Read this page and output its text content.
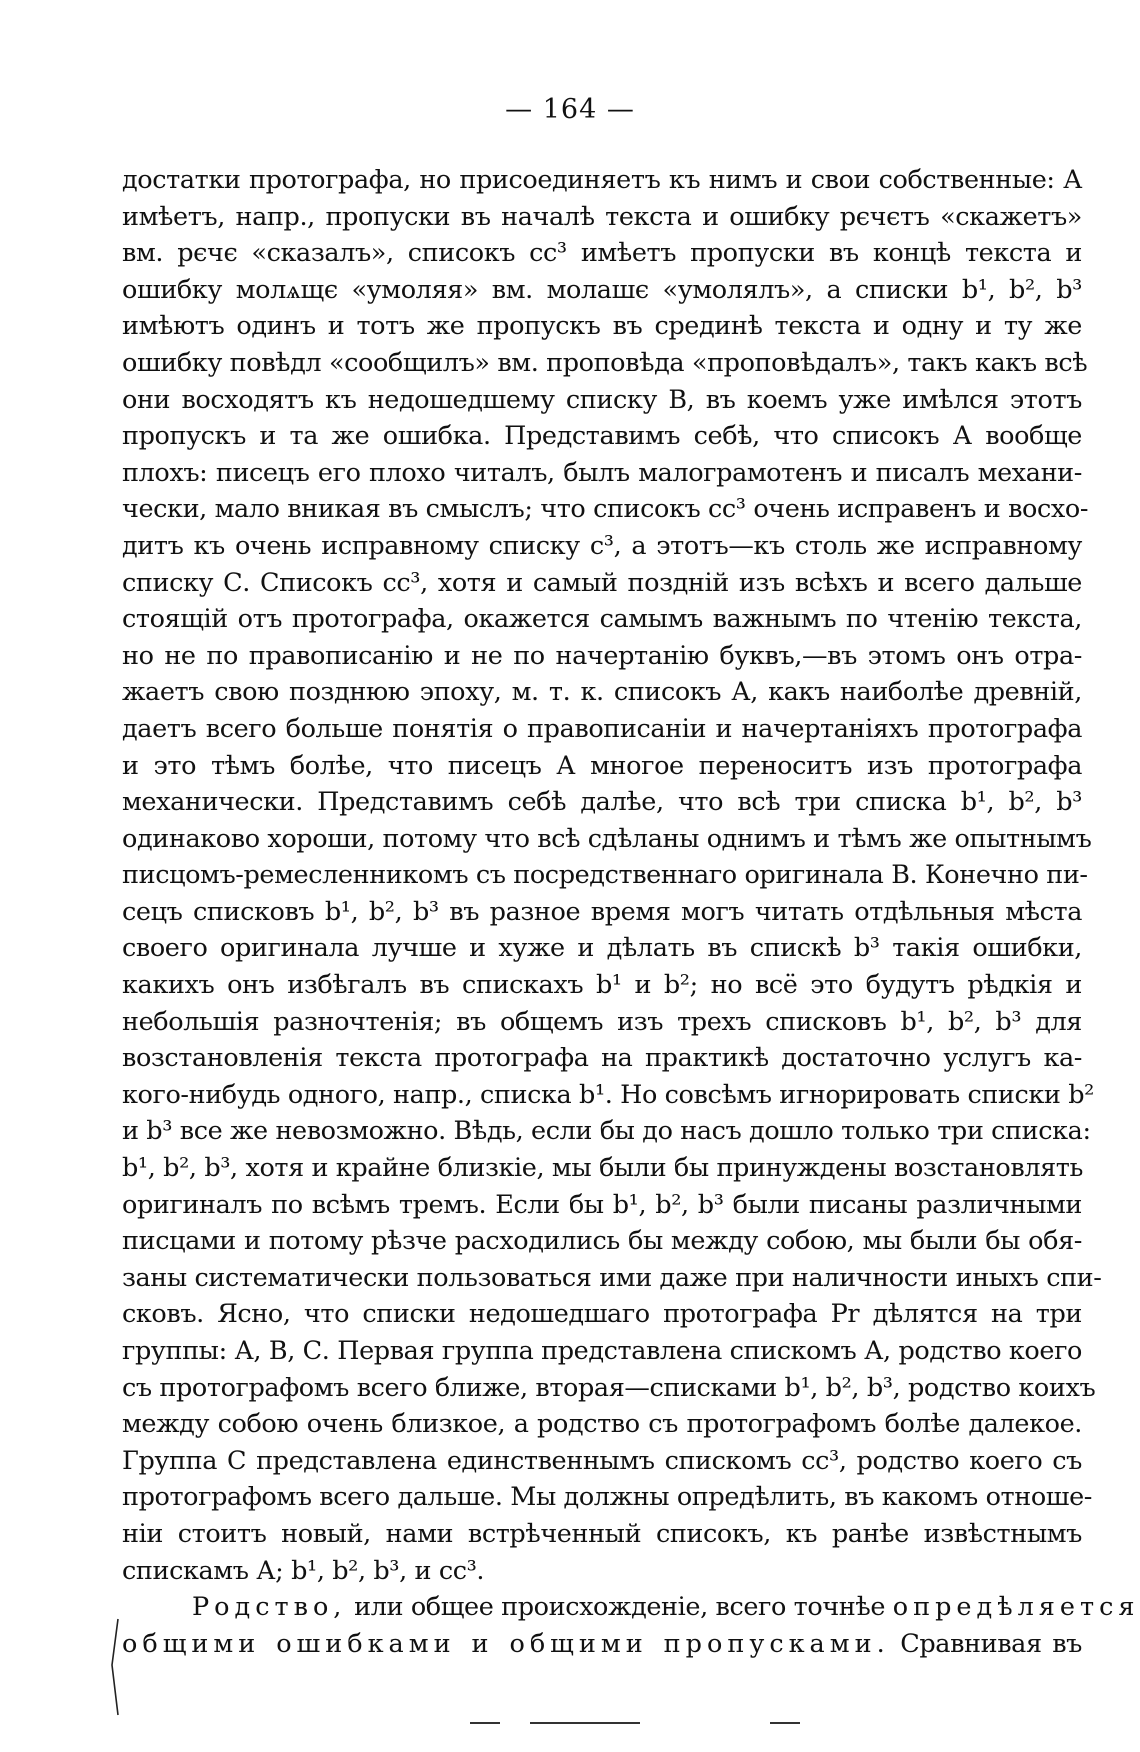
— 164 —
достатки протографа, но присоединяетъ къ нимъ и свои собственные: А
имѣетъ, напр., пропуски въ началѣ текста и ошибку рєчєтъ «скажетъ»
вм. рєчє «сказалъ», списокъ сс³ имѣетъ пропуски въ концѣ текста и
ошибку молѧщє «умоляя» вм. молашє «умолялъ», а списки b¹, b², b³
имѣютъ одинъ и тотъ же пропускъ въ срединѣ текста и одну и ту же
ошибку повѣдл «сообщилъ» вм. проповѣда «проповѣдалъ», такъ какъ всѣ
они восходятъ къ недошедшему списку В, въ коемъ уже имѣлся этотъ
пропускъ и та же ошибка. Представимъ себѣ, что списокъ А вообще
плохъ: писецъ его плохо читалъ, былъ малограмотенъ и писалъ механи-
чески, мало вникая въ смыслъ; что списокъ сс³ очень исправенъ и восхо-
дитъ къ очень исправному списку с³, а этотъ—къ столь же исправному
списку С. Списокъ сс³, хотя и самый поздній изъ всѣхъ и всего дальше
стоящій отъ протографа, окажется самымъ важнымъ по чтенію текста,
но не по правописанію и не по начертанію буквъ,—въ этомъ онъ отра-
жаетъ свою позднюю эпоху, м. т. к. списокъ А, какъ наиболѣе древній,
даетъ всего больше понятія о правописаніи и начертаніяхъ протографа
и это тѣмъ болѣе, что писецъ А многое переноситъ изъ протографа
механически. Представимъ себѣ далѣе, что всѣ три списка b¹, b², b³
одинаково хороши, потому что всѣ сдѣланы однимъ и тѣмъ же опытнымъ
писцомъ-ремесленникомъ съ посредственнаго оригинала В. Конечно пи-
сецъ списковъ b¹, b², b³ въ разное время могъ читать отдѣльныя мѣста
своего оригинала лучше и хуже и дѣлать въ спискѣ b³ такія ошибки,
какихъ онъ избѣгалъ въ спискахъ b¹ и b²; но всё это будутъ рѣдкія и
небольшія разночтенія; въ общемъ изъ трехъ списковъ b¹, b², b³ для
возстановленія текста протографа на практикѣ достаточно услугъ ка-
кого-нибудь одного, напр., списка b¹. Но совсѣмъ игнорировать списки b²
и b³ все же невозможно. Вѣдь, если бы до насъ дошло только три списка:
b¹, b², b³, хотя и крайне близкіе, мы были бы принуждены возстановлять
оригиналъ по всѣмъ тремъ. Если бы b¹, b², b³ были писаны различными
писцами и потому рѣзче расходились бы между собою, мы были бы обя-
заны систематически пользоваться ими даже при наличности иныхъ спи-
сковъ. Ясно, что списки недошедшаго протографа Pr дѣлятся на три
группы: А, В, С. Первая группа представлена спискомъ А, родство коего
съ протографомъ всего ближе, вторая—списками b¹, b², b³, родство коихъ
между собою очень близкое, а родство съ протографомъ болѣе далекое.
Группа С представлена единственнымъ спискомъ сс³, родство коего съ
протографомъ всего дальше. Мы должны опредѣлить, въ какомъ отноше-
ніи стоитъ новый, нами встрѣченный списокъ, къ ранѣе извѣстнымъ
спискамъ А; b¹, b², b³, и сс³.
Родство, или общее происхожденіе, всего точнѣе опредѣляется
общими ошибками и общими пропусками. Сравнивая въ
